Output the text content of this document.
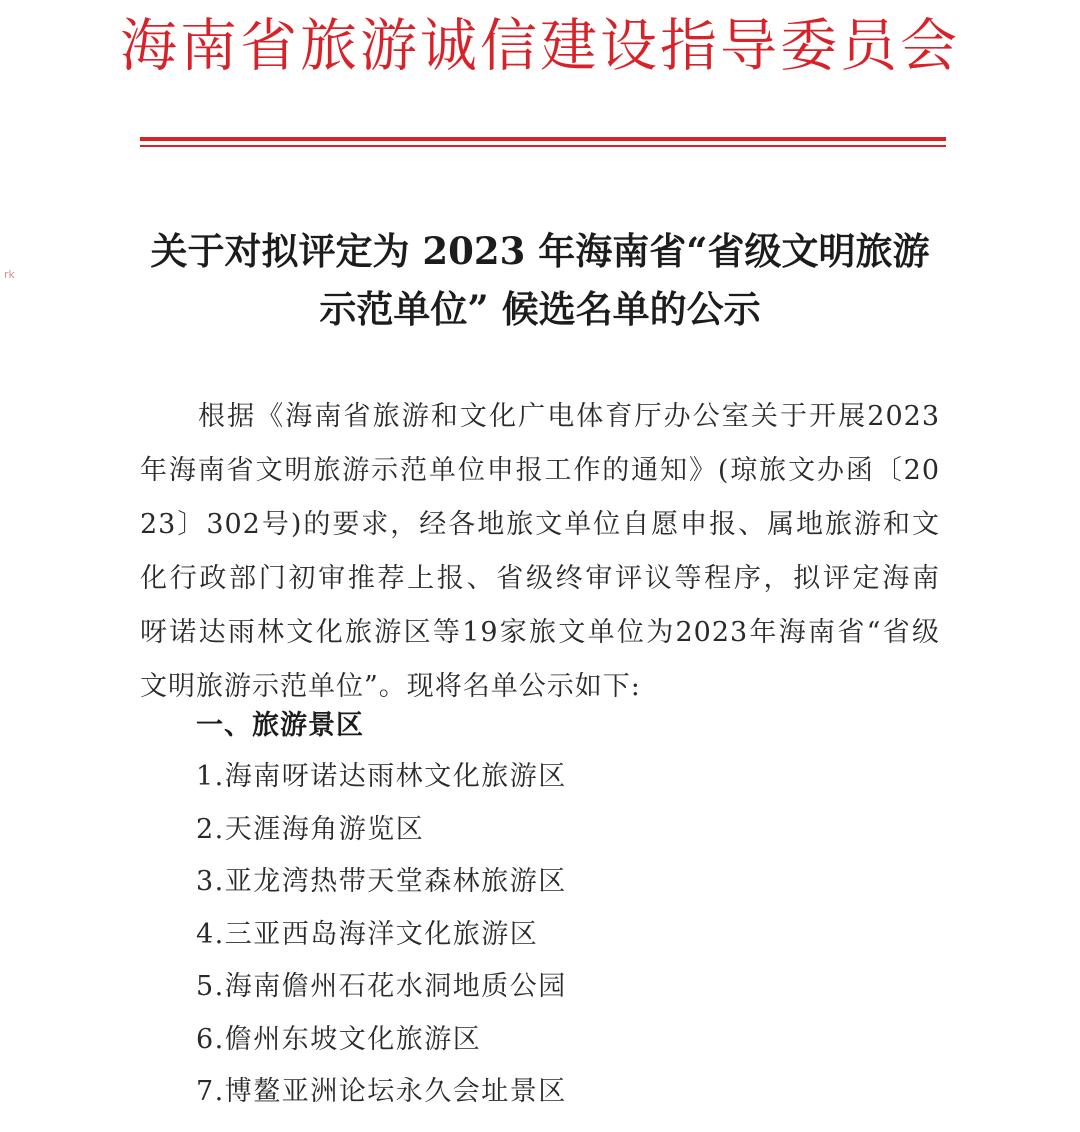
海南省旅游诚信建设指导委员会
rk
关于对拟评定为 2023 年海南省“省级文明旅游
示范单位” 候选名单的公示
根据《海南省旅游和文化广电体育厅办公室关于开展2023
年海南省文明旅游示范单位申报工作的通知》(琼旅文办函〔20
23〕302号)的要求，经各地旅文单位自愿申报、属地旅游和文
化行政部门初审推荐上报、省级终审评议等程序，拟评定海南
呀诺达雨林文化旅游区等19家旅文单位为2023年海南省“省级
文明旅游示范单位”。现将名单公示如下:
一、旅游景区
1.海南呀诺达雨林文化旅游区
2.天涯海角游览区
3.亚龙湾热带天堂森林旅游区
4.三亚西岛海洋文化旅游区
5.海南儋州石花水洞地质公园
6.儋州东坡文化旅游区
7.博鳌亚洲论坛永久会址景区
